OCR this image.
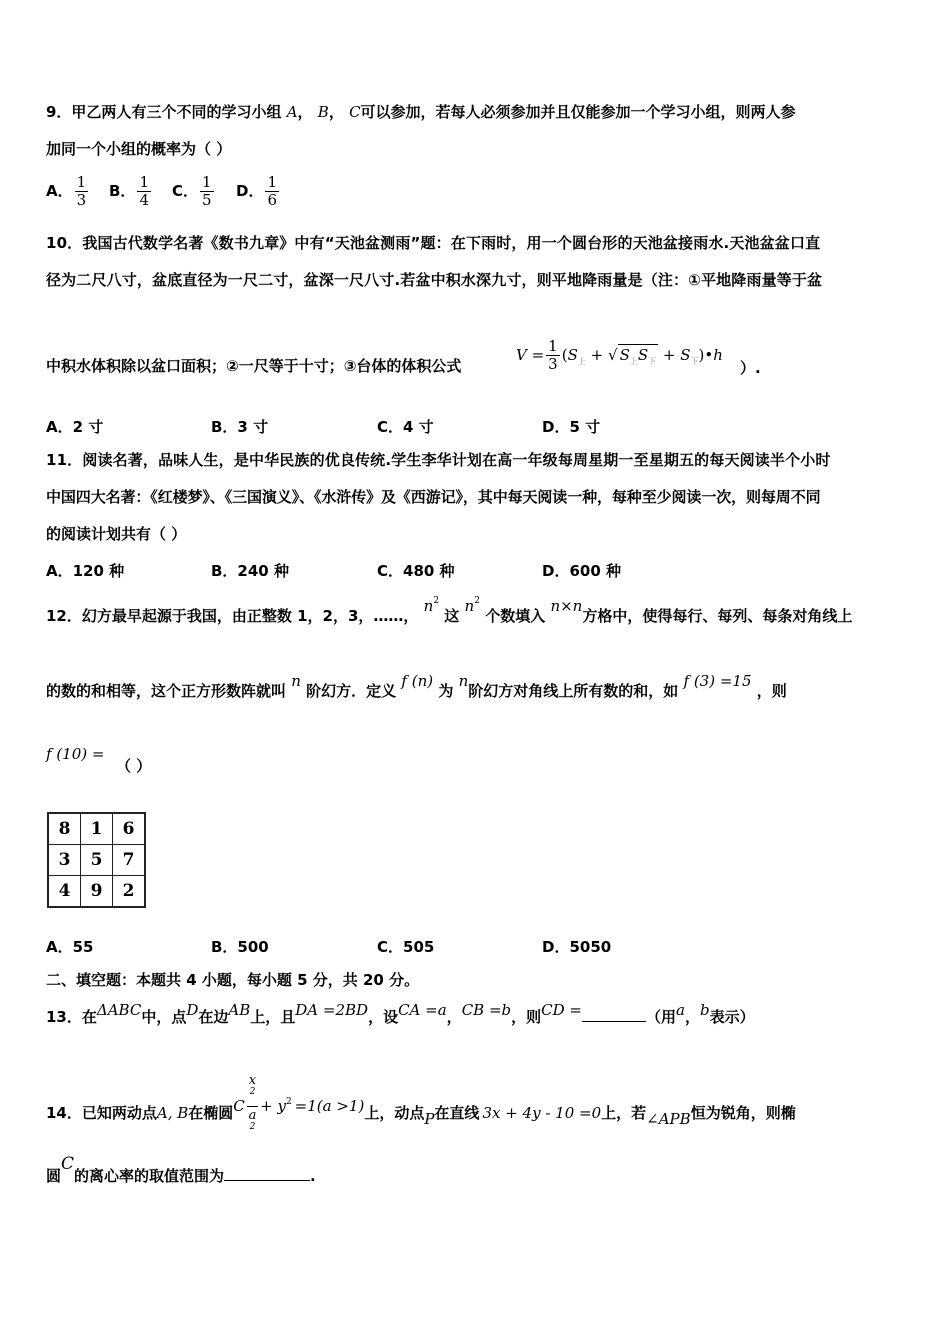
9．甲乙两人有三个不同的学习小组 A， B， C可以参加，若每人必须参加并且仅能参加一个学习小组，则两人参
加同一个小组的概率为（ ）
A． $\frac{1}{3}$ B． $\frac{1}{4}$ C． $\frac{1}{5}$ D． $\frac{1}{6}$
10．我国古代数学名著《数书九章》中有“天池盆测雨”题：在下雨时，用一个圆台形的天池盆接雨水.天池盆盆口直
径为二尺八寸，盆底直径为一尺二寸，盆深一尺八寸.若盆中积水深九寸，则平地降雨量是（注：①平地降雨量等于盆
中积水体积除以盆口面积；②一尺等于十寸；③台体的体积公式
$V = \frac{1}{3} (S_上$ + √ $S_上S_下$ + $S_下)•h$
）.
A．2 寸	B．3 寸	C．4 寸	D．5 寸
11．阅读名著，品味人生，是中华民族的优良传统.学生李华计划在高一年级每周星期一至星期五的每天阅读半个小时
中国四大名著：《红楼梦》、《三国演义》、《水浒传》及《西游记》，其中每天阅读一种，每种至少阅读一次，则每周不同
的阅读计划共有（ ）
A．120 种	B．240 种	C．480 种	D．600 种
12．幻方最早起源于我国，由正整数 1，2，3，……， $n^2$ 这 $n^2$ 个数填入 n×n方格中，使得每行、每列、每条对角线上
的数的和相等，这个正方形数阵就叫 n 阶幻方．定义 f (n) 为 n阶幻方对角线上所有数的和，如 f (3) =15 ，则
f (10) =
（ ）
8	1	6
3	5	7
4	9	2
A．55	B．500	C．505	D．5050
二、填空题：本题共 4 小题，每小题 5 分，共 20 分。
13．在ΔABC中，点D在边AB上，且DA =2BD，设CA =a，CB =b，则CD =	（用a，b表示）
14．已知两动点A, B在椭圆C x
2
a
$2 + y^2 =1(a >1)$上，动点P在直线 3x + 4y - 10 =0上，若∠APB恒为锐角，则椭
圆C的离心率的取值范围为	.
